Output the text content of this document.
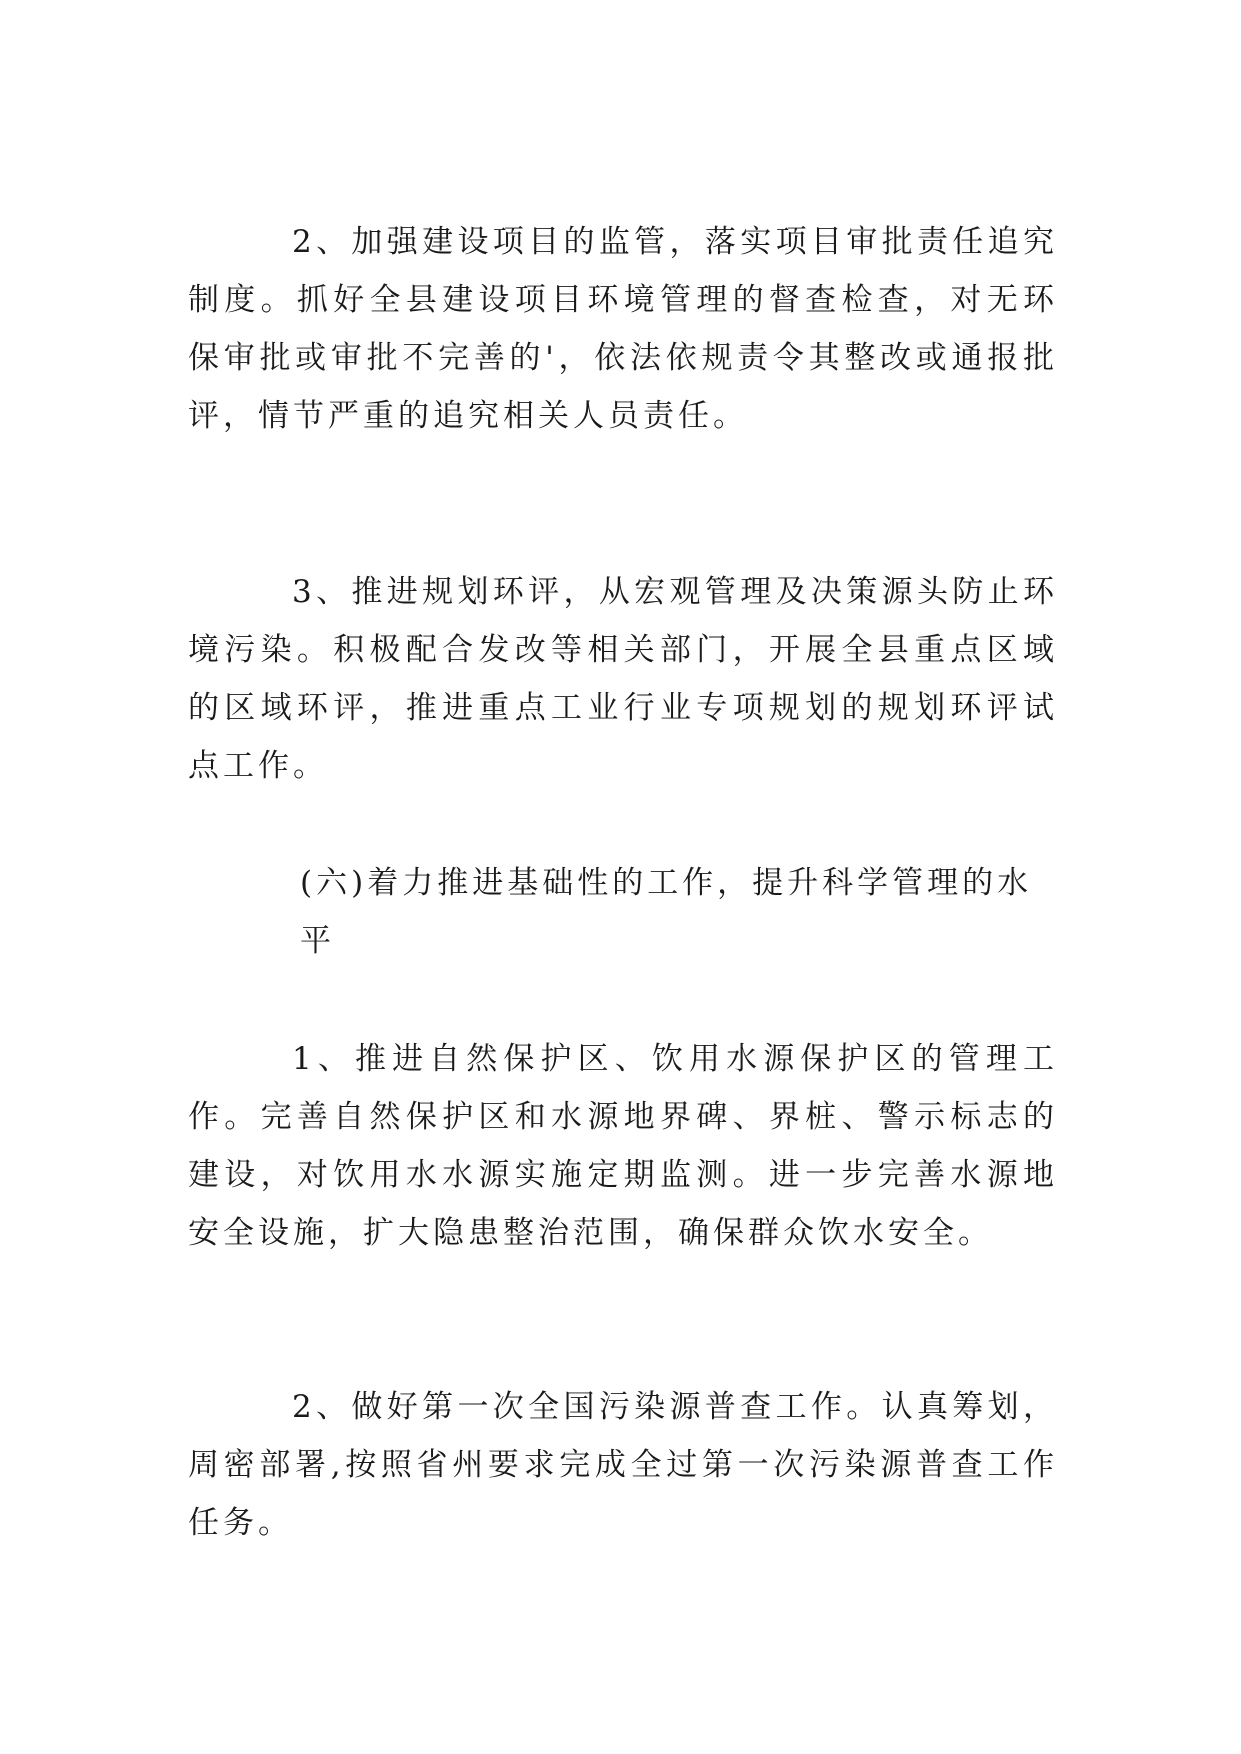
2、加强建设项目的监管，落实项目审批责任追究制度。抓好全县建设项目环境管理的督查检查，对无环保审批或审批不完善的'，依法依规责令其整改或通报批评，情节严重的追究相关人员责任。

3、推进规划环评，从宏观管理及决策源头防止环境污染。积极配合发改等相关部门，开展全县重点区域的区域环评，推进重点工业行业专项规划的规划环评试点工作。

(六)着力推进基础性的工作，提升科学管理的水平

1、推进自然保护区、饮用水源保护区的管理工作。完善自然保护区和水源地界碑、界桩、警示标志的建设，对饮用水水源实施定期监测。进一步完善水源地安全设施，扩大隐患整治范围，确保群众饮水安全。

2、做好第一次全国污染源普查工作。认真筹划，周密部署,按照省州要求完成全过第一次污染源普查工作任务。
